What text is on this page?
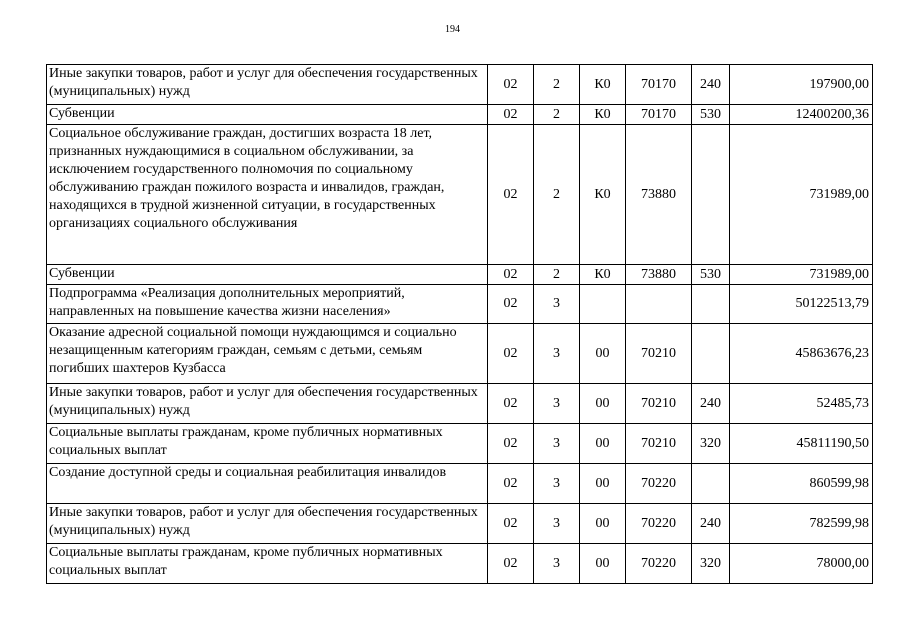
194
Иные закупки товаров, работ и услуг для обеспечения государственных (муниципальных) нужд	02	2	К0	70170	240	197900,00
Субвенции	02	2	К0	70170	530	12400200,36
Социальное обслуживание граждан, достигших возраста 18 лет, признанных нуждающимися в социальном обслуживании, за исключением государственного полномочия по социальному обслуживанию граждан пожилого возраста и инвалидов, граждан, находящихся в трудной жизненной ситуации, в государственных организациях социального обслуживания	02	2	К0	73880		731989,00
Субвенции	02	2	К0	73880	530	731989,00
Подпрограмма «Реализация дополнительных мероприятий, направленных на повышение качества жизни населения»	02	3				50122513,79
Оказание адресной социальной помощи нуждающимся и социально незащищенным категориям граждан, семьям с детьми, семьям погибших шахтеров Кузбасса	02	3	00	70210		45863676,23
Иные закупки товаров, работ и услуг для обеспечения государственных (муниципальных) нужд	02	3	00	70210	240	52485,73
Социальные выплаты гражданам, кроме публичных нормативных социальных выплат	02	3	00	70210	320	45811190,50
Создание доступной среды и социальная реабилитация инвалидов	02	3	00	70220		860599,98
Иные закупки товаров, работ и услуг для обеспечения государственных (муниципальных) нужд	02	3	00	70220	240	782599,98
Социальные выплаты гражданам, кроме публичных нормативных социальных выплат	02	3	00	70220	320	78000,00
